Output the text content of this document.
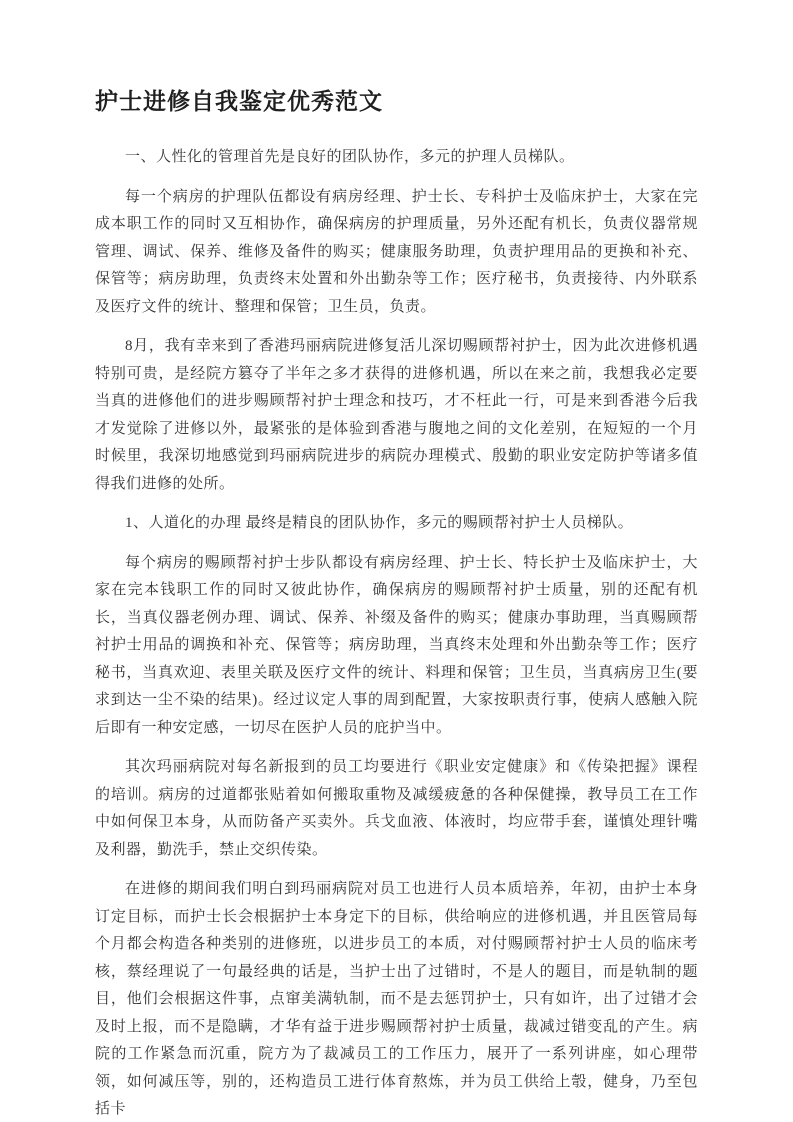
护士进修自我鉴定优秀范文

一、人性化的管理首先是良好的团队协作，多元的护理人员梯队。

每一个病房的护理队伍都设有病房经理、护士长、专科护士及临床护士，大家在完成本职工作的同时又互相协作，确保病房的护理质量，另外还配有机长，负责仪器常规管理、调试、保养、维修及备件的购买；健康服务助理，负责护理用品的更换和补充、保管等；病房助理，负责终末处置和外出勤杂等工作；医疗秘书，负责接待、内外联系及医疗文件的统计、整理和保管；卫生员，负责。

8月，我有幸来到了香港玛丽病院进修复活儿深切赐顾帮衬护士，因为此次进修机遇特别可贵，是经院方篡夺了半年之多才获得的进修机遇，所以在来之前，我想我必定要当真的进修他们的进步赐顾帮衬护士理念和技巧，才不枉此一行，可是来到香港今后我才发觉除了进修以外，最紧张的是体验到香港与腹地之间的文化差别，在短短的一个月时候里，我深切地感觉到玛丽病院进步的病院办理模式、殷勤的职业安定防护等诸多值得我们进修的处所。

1、人道化的办理 最终是精良的团队协作，多元的赐顾帮衬护士人员梯队。

每个病房的赐顾帮衬护士步队都设有病房经理、护士长、特长护士及临床护士，大家在完本钱职工作的同时又彼此协作，确保病房的赐顾帮衬护士质量，别的还配有机长，当真仪器老例办理、调试、保养、补缀及备件的购买；健康办事助理，当真赐顾帮衬护士用品的调换和补充、保管等；病房助理，当真终末处理和外出勤杂等工作；医疗秘书，当真欢迎、表里关联及医疗文件的统计、料理和保管；卫生员，当真病房卫生(要求到达一尘不染的结果)。经过议定人事的周到配置，大家按职责行事，使病人感触入院后即有一种安定感，一切尽在医护人员的庇护当中。

其次玛丽病院对每名新报到的员工均要进行《职业安定健康》和《传染把握》课程的培训。病房的过道都张贴着如何搬取重物及减缓疲惫的各种保健操，教导员工在工作中如何保卫本身，从而防备产买卖外。兵戈血液、体液时，均应带手套，谨慎处理针嘴及利器，勤洗手，禁止交织传染。

在进修的期间我们明白到玛丽病院对员工也进行人员本质培养，年初，由护士本身订定目标，而护士长会根据护士本身定下的目标，供给响应的进修机遇，并且医管局每个月都会构造各种类别的进修班，以进步员工的本质，对付赐顾帮衬护士人员的临床考核，蔡经理说了一句最经典的话是，当护士出了过错时，不是人的题目，而是轨制的题目，他们会根据这件事，点窜美满轨制，而不是去惩罚护士，只有如许，出了过错才会及时上报，而不是隐瞒，才华有益于进步赐顾帮衬护士质量，裁减过错变乱的产生。病院的工作紧急而沉重，院方为了裁减员工的工作压力，展开了一系列讲座，如心理带领，如何减压等，别的，还构造员工进行体育熬炼，并为员工供给上彀，健身，乃至包括卡
